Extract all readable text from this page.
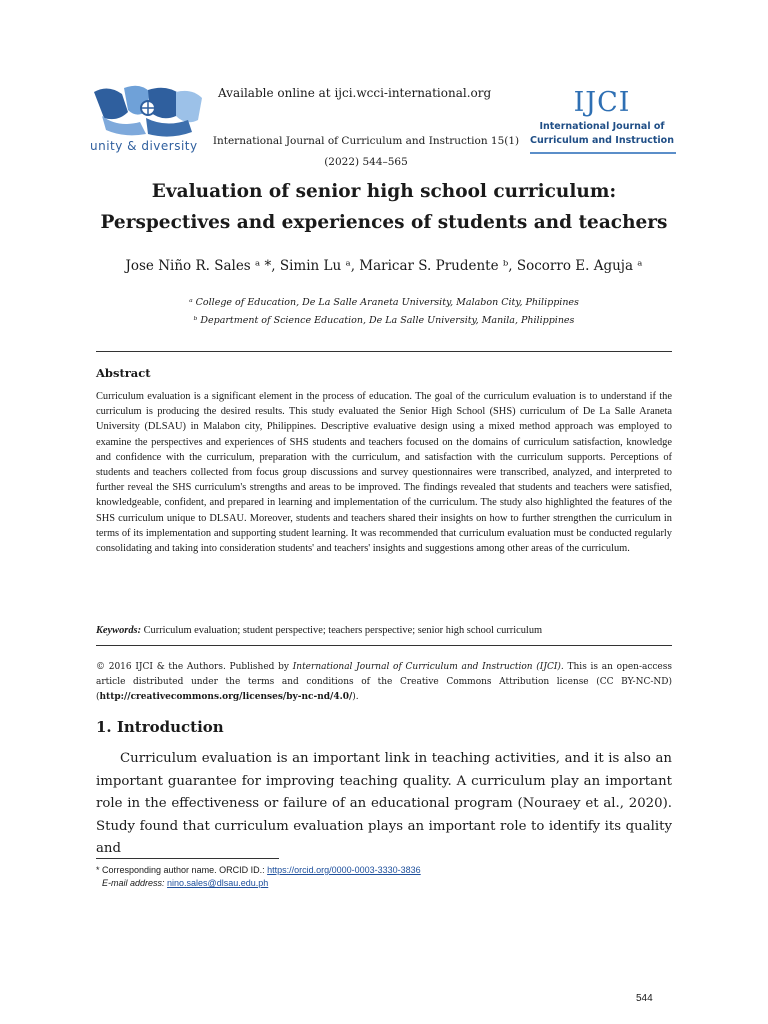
unity & diversity
Available online at ijci.wcci-international.org
International Journal of Curriculum and Instruction 15(1)
(2022) 544–565
IJCI
International Journal of
Curriculum and Instruction
Evaluation of senior high school curriculum:
Perspectives and experiences of students and teachers
Jose Niño R. Sales ᵃ *, Simin Lu ᵃ, Maricar S. Prudente ᵇ, Socorro E. Aguja ᵃ
ᵃ College of Education, De La Salle Araneta University, Malabon City, Philippines
ᵇ Department of Science Education, De La Salle University, Manila, Philippines
Abstract
Curriculum evaluation is a significant element in the process of education. The goal of the curriculum evaluation is to understand if the curriculum is producing the desired results. This study evaluated the Senior High School (SHS) curriculum of De La Salle Araneta University (DLSAU) in Malabon city, Philippines. Descriptive evaluative design using a mixed method approach was employed to examine the perspectives and experiences of SHS students and teachers focused on the domains of curriculum satisfaction, knowledge and confidence with the curriculum, preparation with the curriculum, and satisfaction with the curriculum supports. Perceptions of students and teachers collected from focus group discussions and survey questionnaires were transcribed, analyzed, and interpreted to further reveal the SHS curriculum's strengths and areas to be improved. The findings revealed that students and teachers were satisfied, knowledgeable, confident, and prepared in learning and implementation of the curriculum. The study also highlighted the features of the SHS curriculum unique to DLSAU. Moreover, students and teachers shared their insights on how to further strengthen the curriculum in terms of its implementation and supporting student learning. It was recommended that curriculum evaluation must be conducted regularly consolidating and taking into consideration students' and teachers' insights and suggestions among other areas of the curriculum.
Keywords: Curriculum evaluation; student perspective; teachers perspective; senior high school curriculum
© 2016 IJCI & the Authors. Published by International Journal of Curriculum and Instruction (IJCI). This is an open-access article distributed under the terms and conditions of the Creative Commons Attribution license (CC BY-NC-ND) (http://creativecommons.org/licenses/by-nc-nd/4.0/).
1. Introduction

Curriculum evaluation is an important link in teaching activities, and it is also an important guarantee for improving teaching quality. A curriculum play an important role in the effectiveness or failure of an educational program (Nouraey et al., 2020). Study found that curriculum evaluation plays an important role to identify its quality and

* Corresponding author name. ORCID ID.: https://orcid.org/0000-0003-3330-3836
E-mail address: nino.sales@dlsau.edu.ph
544
